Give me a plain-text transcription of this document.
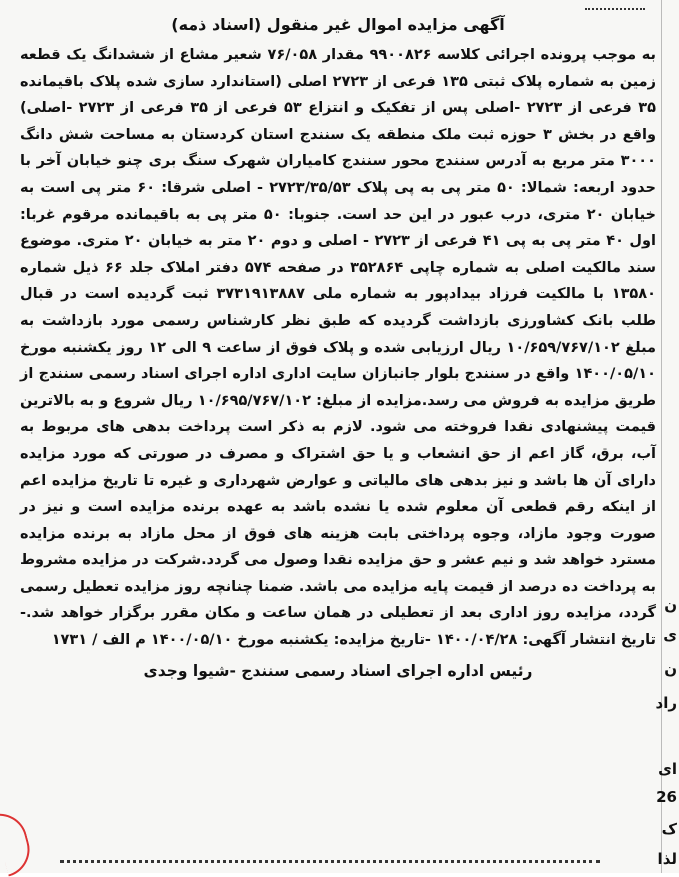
ن
ی
ن
راد
ای
26
ک
لذا
آگهی مزایده اموال غیر منقول (اسناد ذمه)

به موجب پرونده اجرائی کلاسه ۹۹۰۰۸۲۶ مقدار ۷۶/۰۵۸ شعیر مشاع از ششدانگ یک قطعه زمین به شماره پلاک ثبتی ۱۳۵ فرعی از ۲۷۲۳ اصلی (استاندارد سازی شده پلاک باقیمانده ۳۵ فرعی از ۲۷۲۳ -اصلی پس از تفکیک و انتزاع ۵۳ فرعی از ۳۵ فرعی از ۲۷۲۳ -اصلی) واقع در بخش ۳ حوزه ثبت ملک منطقه یک سنندج استان کردستان به مساحت شش دانگ ۳۰۰۰ متر مربع به آدرس سنندج محور سنندج کامیاران شهرک سنگ بری چنو خیابان آخر با حدود اربعه: شمالا: ۵۰ متر پی به پی پلاک ۲۷۲۳/۳۵/۵۳ - اصلی شرقا: ۶۰ متر پی است به خیابان ۲۰ متری، درب عبور در این حد است. جنوبا: ۵۰ متر پی به باقیمانده مرقوم غربا: اول ۴۰ متر پی به پی ۴۱ فرعی از ۲۷۲۳ - اصلی و دوم ۲۰ متر به خیابان ۲۰ متری. موضوع سند مالکیت اصلی به شماره چاپی ۳۵۲۸۶۴ در صفحه ۵۷۴ دفتر املاک جلد ۶۶ ذیل شماره ۱۳۵۸۰ با مالکیت فرزاد بیدادپور به شماره ملی ۳۷۳۱۹۱۳۸۸۷ ثبت گردیده است در قبال طلب بانک کشاورزی بازداشت گردیده که طبق نظر کارشناس رسمی مورد بازداشت به مبلغ ۱۰/۶۵۹/۷۶۷/۱۰۲ ریال ارزیابی شده و پلاک فوق از ساعت ۹ الی ۱۲ روز یکشنبه مورخ ۱۴۰۰/۰۵/۱۰ واقع در سنندج بلوار جانبازان سایت اداری اداره اجرای اسناد رسمی سنندج از طریق مزایده به فروش می رسد.مزایده از مبلغ: ۱۰/۶۹۵/۷۶۷/۱۰۲ ریال شروع و به بالاترین قیمت پیشنهادی نقدا فروخته می شود. لازم به ذکر است پرداخت بدهی های مربوط به آب، برق، گاز اعم از حق انشعاب و یا حق اشتراک و مصرف در صورتی که مورد مزایده دارای آن ها باشد و نیز بدهی های مالیاتی و عوارض شهرداری و غیره تا تاریخ مزایده اعم از اینکه رقم قطعی آن معلوم شده یا نشده باشد به عهده برنده مزایده است و نیز در صورت وجود مازاد، وجوه پرداختی بابت هزینه های فوق از محل مازاد به برنده مزایده مسترد خواهد شد و نیم عشر و حق مزایده نقدا وصول می گردد.شرکت در مزایده مشروط به پرداخت ده درصد از قیمت پایه مزایده می باشد. ضمنا چنانچه روز مزایده تعطیل رسمی گردد، مزایده روز اداری بعد از تعطیلی در همان ساعت و مکان مقرر برگزار خواهد شد.-تاریخ انتشار آگهی: ۱۴۰۰/۰۴/۲۸ -تاریخ مزایده: یکشنبه مورخ ۱۴۰۰/۰۵/۱۰ م الف / ۱۷۳۱

رئیس اداره اجرای اسناد رسمی سنندج -شیوا وجدی
